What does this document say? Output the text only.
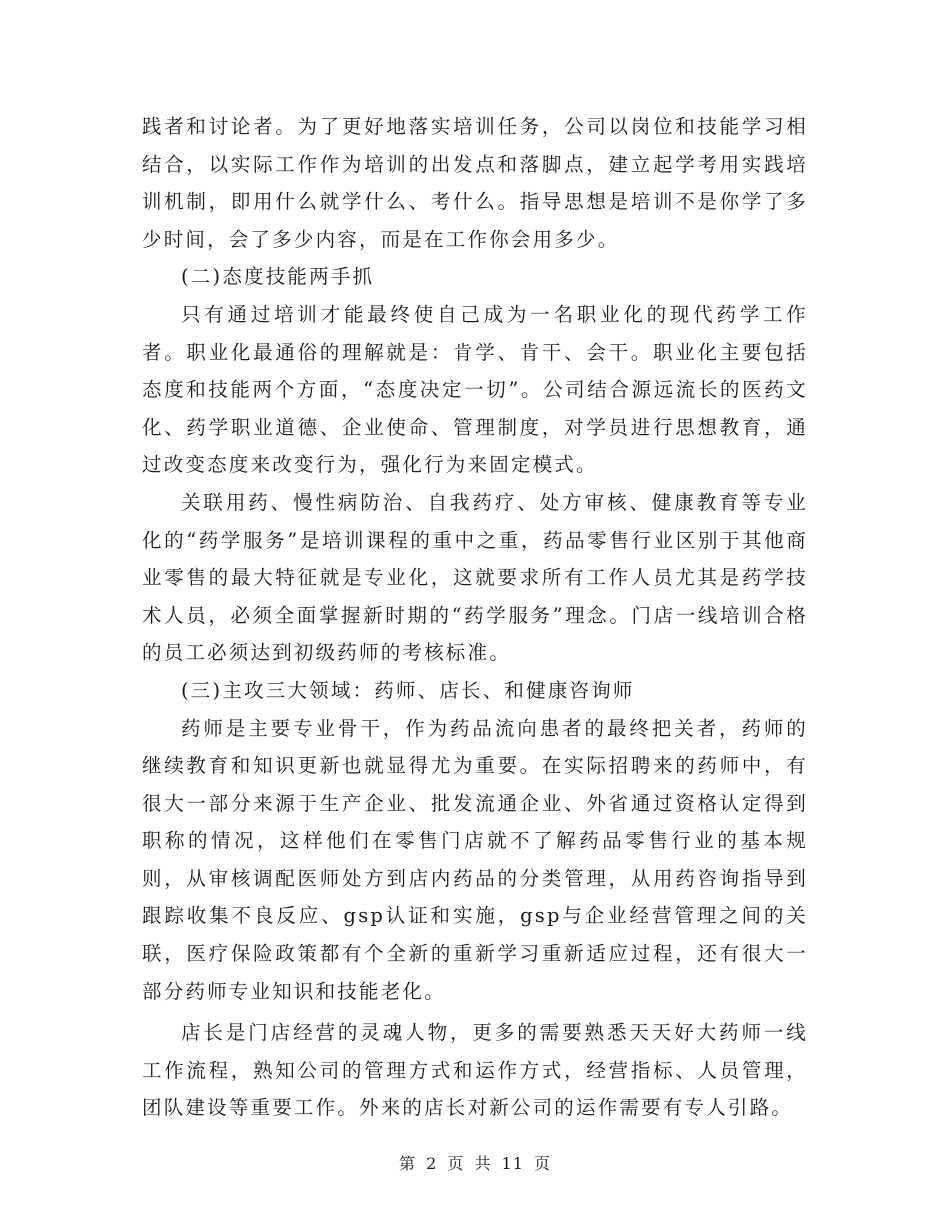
践者和讨论者。为了更好地落实培训任务，公司以岗位和技能学习相结合，以实际工作作为培训的出发点和落脚点，建立起学考用实践培训机制，即用什么就学什么、考什么。指导思想是培训不是你学了多少时间，会了多少内容，而是在工作你会用多少。

(二)态度技能两手抓

只有通过培训才能最终使自己成为一名职业化的现代药学工作者。职业化最通俗的理解就是：肯学、肯干、会干。职业化主要包括态度和技能两个方面，“态度决定一切”。公司结合源远流长的医药文化、药学职业道德、企业使命、管理制度，对学员进行思想教育，通过改变态度来改变行为，强化行为来固定模式。

关联用药、慢性病防治、自我药疗、处方审核、健康教育等专业化的“药学服务”是培训课程的重中之重，药品零售行业区别于其他商业零售的最大特征就是专业化，这就要求所有工作人员尤其是药学技术人员，必须全面掌握新时期的“药学服务”理念。门店一线培训合格的员工必须达到初级药师的考核标准。

(三)主攻三大领域：药师、店长、和健康咨询师

药师是主要专业骨干，作为药品流向患者的最终把关者，药师的继续教育和知识更新也就显得尤为重要。在实际招聘来的药师中，有很大一部分来源于生产企业、批发流通企业、外省通过资格认定得到职称的情况，这样他们在零售门店就不了解药品零售行业的基本规则，从审核调配医师处方到店内药品的分类管理，从用药咨询指导到跟踪收集不良反应、gsp认证和实施，gsp与企业经营管理之间的关联，医疗保险政策都有个全新的重新学习重新适应过程，还有很大一部分药师专业知识和技能老化。

店长是门店经营的灵魂人物，更多的需要熟悉天天好大药师一线工作流程，熟知公司的管理方式和运作方式，经营指标、人员管理，团队建设等重要工作。外来的店长对新公司的运作需要有专人引路。

第 2 页 共 11 页
